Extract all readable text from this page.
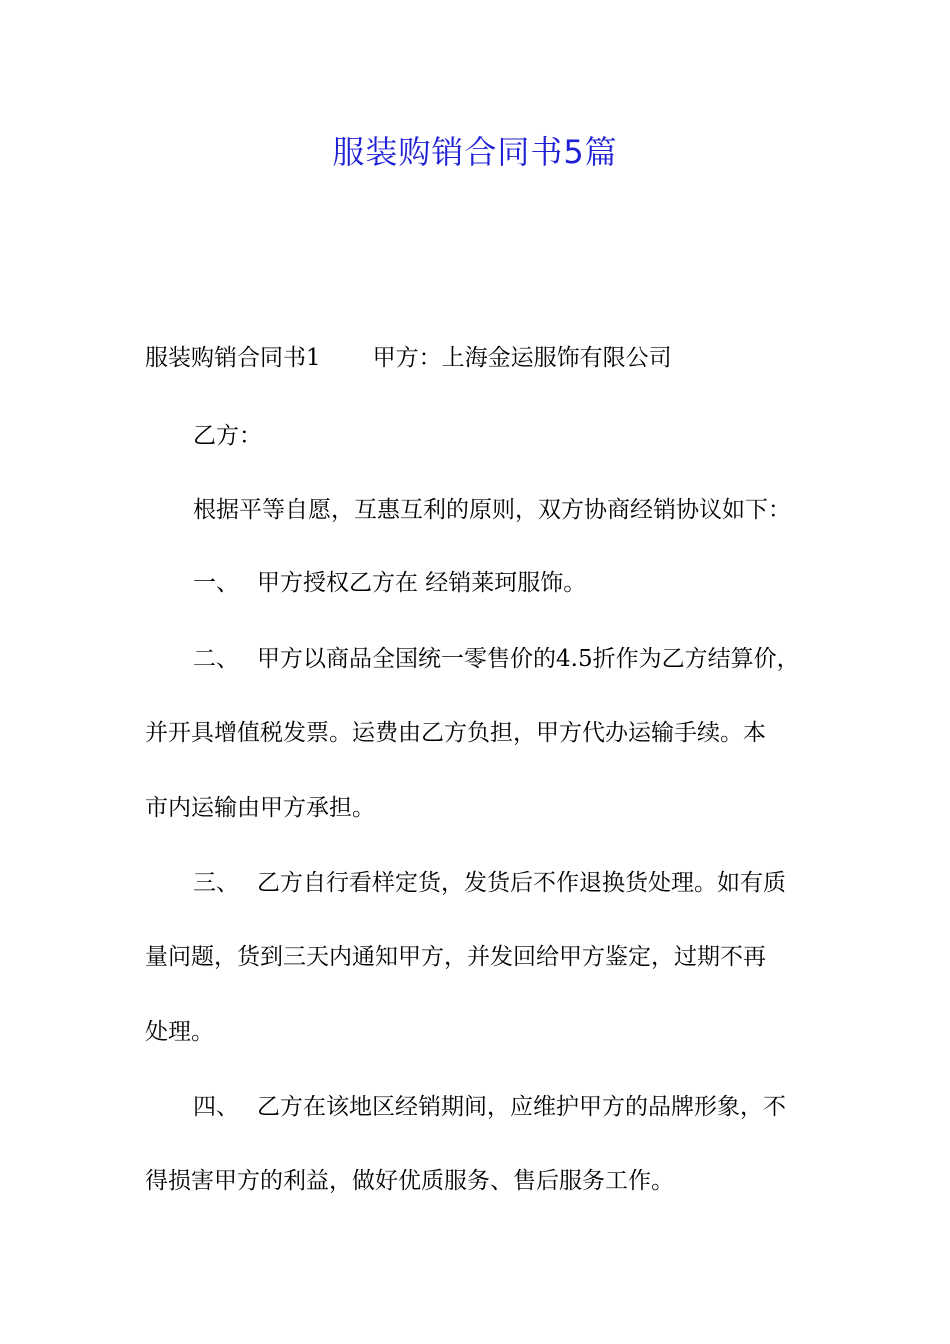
服装购销合同书5篇

服装购销合同书1 甲方：上海金运服饰有限公司

乙方：

根据平等自愿，互惠互利的原则，双方协商经销协议如下：

一、 甲方授权乙方在 经销莱珂服饰。

二、 甲方以商品全国统一零售价的4.5折作为乙方结算价，

并开具增值税发票。运费由乙方负担，甲方代办运输手续。本

市内运输由甲方承担。

三、 乙方自行看样定货，发货后不作退换货处理。如有质

量问题，货到三天内通知甲方，并发回给甲方鉴定，过期不再

处理。

四、 乙方在该地区经销期间，应维护甲方的品牌形象，不

得损害甲方的利益，做好优质服务、售后服务工作。
